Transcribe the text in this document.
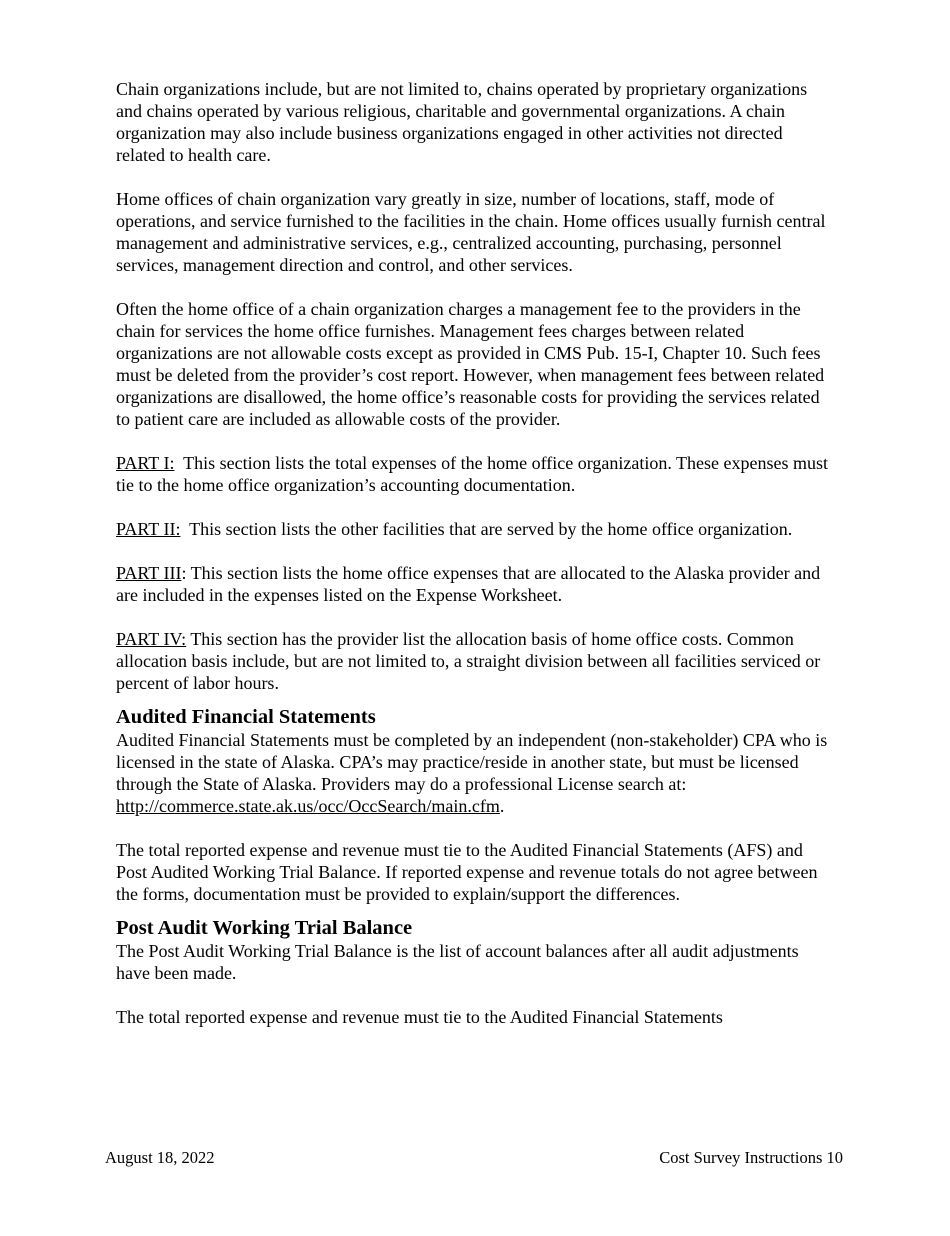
Chain organizations include, but are not limited to, chains operated by proprietary organizations and chains operated by various religious, charitable and governmental organizations. A chain organization may also include business organizations engaged in other activities not directed related to health care.

Home offices of chain organization vary greatly in size, number of locations, staff, mode of operations, and service furnished to the facilities in the chain. Home offices usually furnish central management and administrative services, e.g., centralized accounting, purchasing, personnel services, management direction and control, and other services.

Often the home office of a chain organization charges a management fee to the providers in the chain for services the home office furnishes. Management fees charges between related organizations are not allowable costs except as provided in CMS Pub. 15-I, Chapter 10. Such fees must be deleted from the provider’s cost report. However, when management fees between related organizations are disallowed, the home office’s reasonable costs for providing the services related to patient care are included as allowable costs of the provider.

PART I: This section lists the total expenses of the home office organization. These expenses must tie to the home office organization’s accounting documentation.

PART II: This section lists the other facilities that are served by the home office organization.

PART III: This section lists the home office expenses that are allocated to the Alaska provider and are included in the expenses listed on the Expense Worksheet.

PART IV: This section has the provider list the allocation basis of home office costs. Common allocation basis include, but are not limited to, a straight division between all facilities serviced or percent of labor hours.

Audited Financial Statements

Audited Financial Statements must be completed by an independent (non-stakeholder) CPA who is licensed in the state of Alaska. CPA’s may practice/reside in another state, but must be licensed through the State of Alaska. Providers may do a professional License search at: http://commerce.state.ak.us/occ/OccSearch/main.cfm.

The total reported expense and revenue must tie to the Audited Financial Statements (AFS) and Post Audited Working Trial Balance. If reported expense and revenue totals do not agree between the forms, documentation must be provided to explain/support the differences.

Post Audit Working Trial Balance

The Post Audit Working Trial Balance is the list of account balances after all audit adjustments have been made.

The total reported expense and revenue must tie to the Audited Financial Statements

August 18, 2022	Cost Survey Instructions 10
